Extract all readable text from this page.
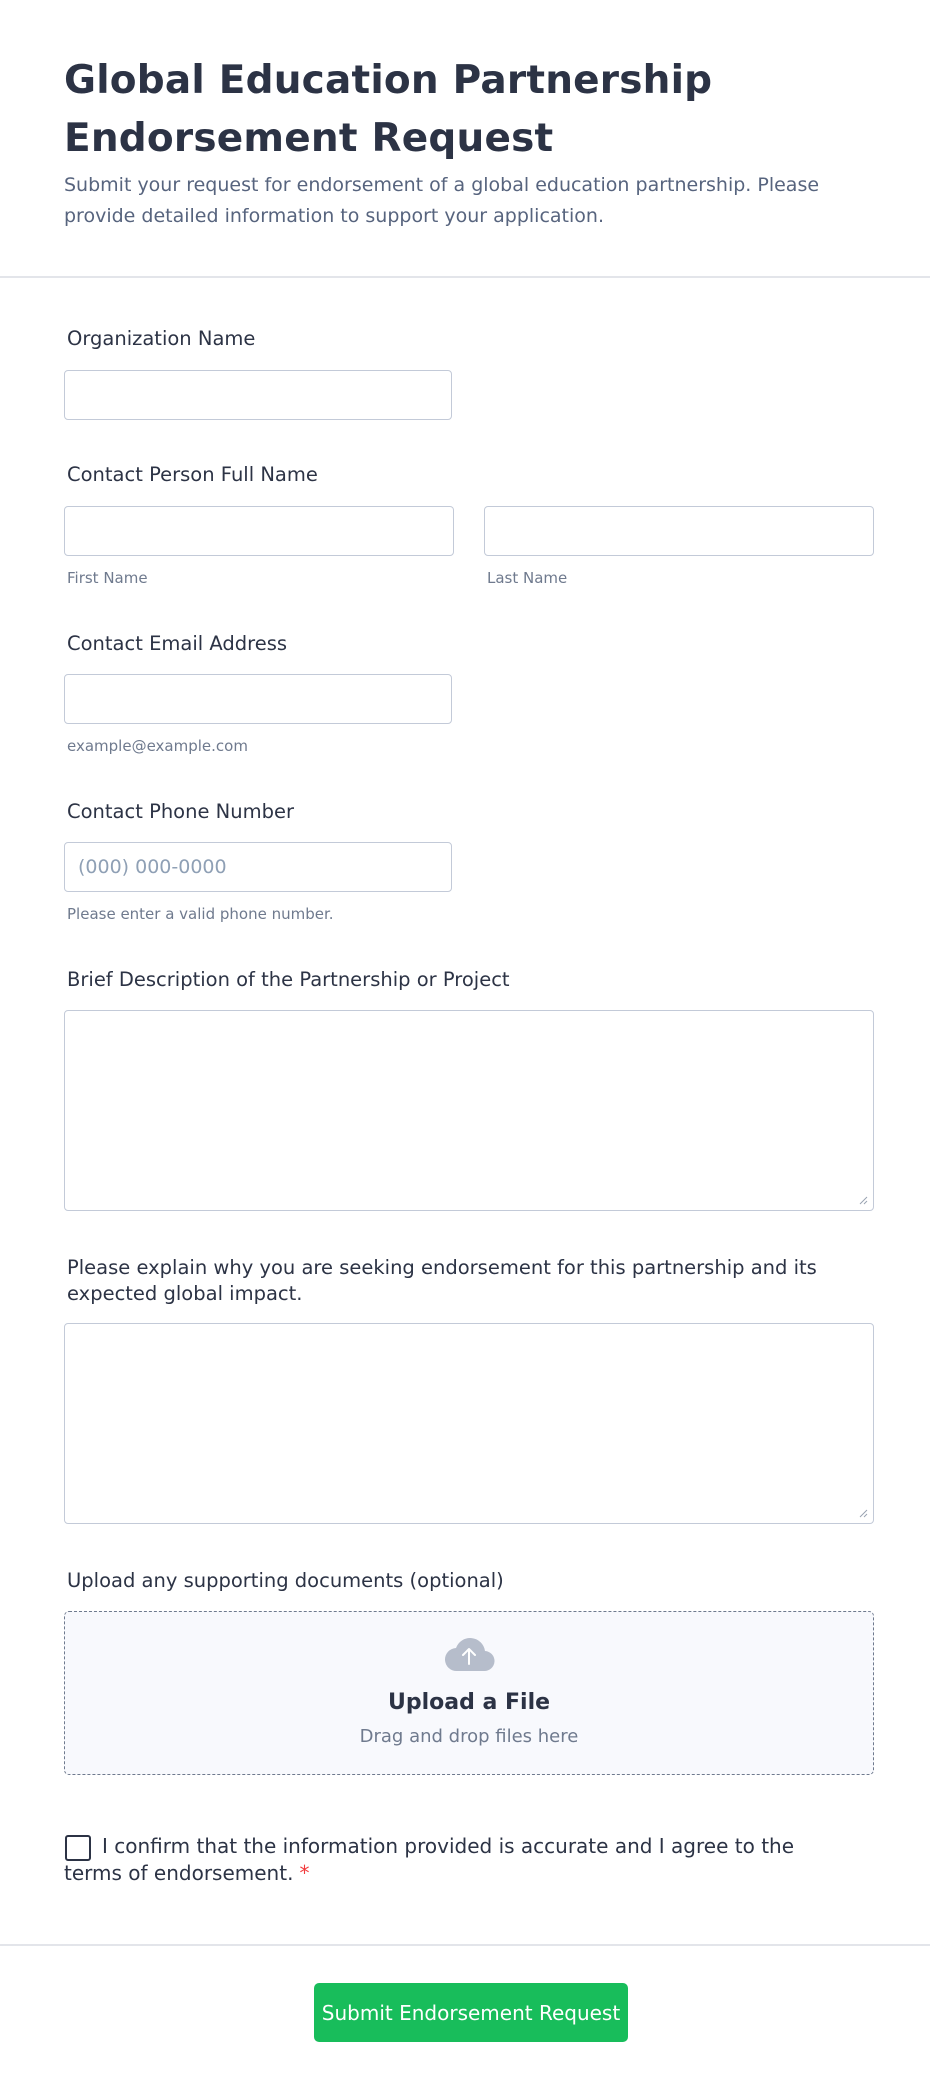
Global Education Partnership Endorsement Request

Submit your request for endorsement of a global education partnership. Please provide detailed information to support your application.

Organization Name
Contact Person Full Name
First Name	Last Name
Contact Email Address
example@example.com
Contact Phone Number
(000) 000-0000
Please enter a valid phone number.
Brief Description of the Partnership or Project
Please explain why you are seeking endorsement for this partnership and its expected global impact.
Upload any supporting documents (optional)
Upload a File
Drag and drop files here

I confirm that the information provided is accurate and I agree to the terms of endorsement. *

Submit Endorsement Request
